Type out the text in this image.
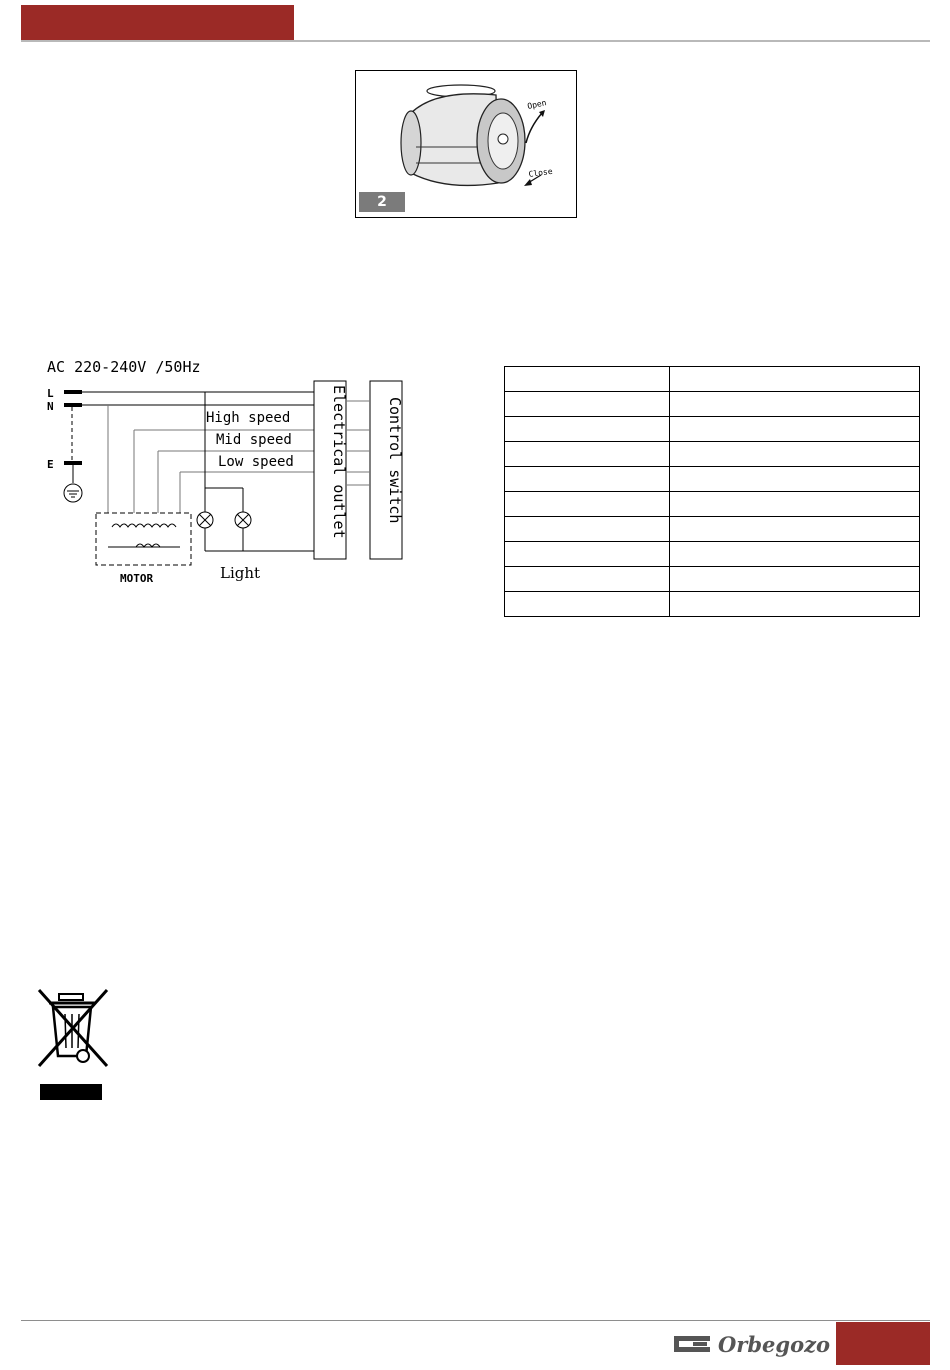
Open
Close
2
AC 220-240V /50Hz
L
N
E
MOTOR	Light
High speed
Mid speed
Low speed Electrical outlet	Control switch

Orbegozo
